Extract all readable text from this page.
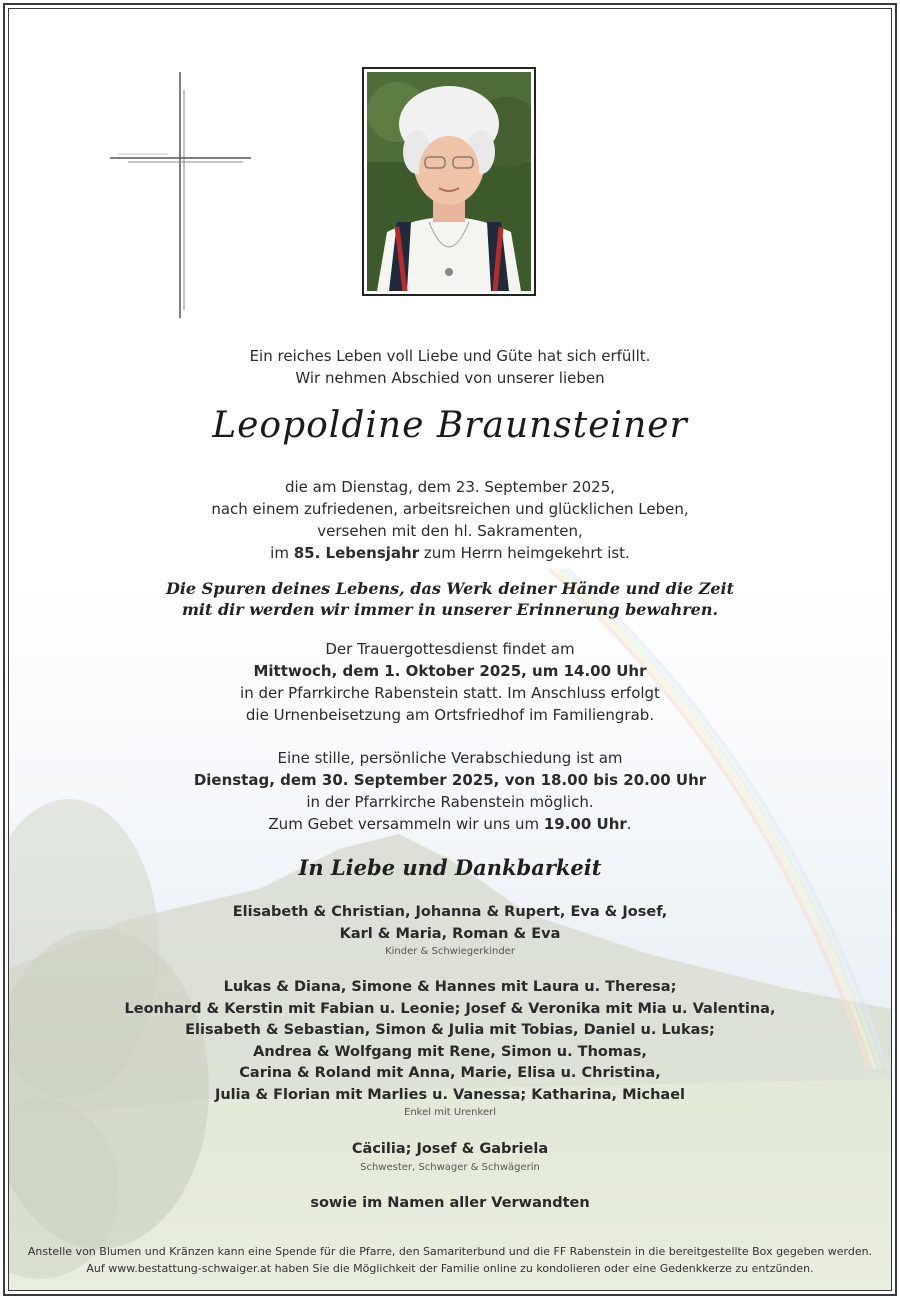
Ein reiches Leben voll Liebe und Güte hat sich erfüllt.
Wir nehmen Abschied von unserer lieben
Leopoldine Braunsteiner
die am Dienstag, dem 23. September 2025,
nach einem zufriedenen, arbeitsreichen und glücklichen Leben,
versehen mit den hl. Sakramenten,
im 85. Lebensjahr zum Herrn heimgekehrt ist.
Die Spuren deines Lebens, das Werk deiner Hände und die Zeit
mit dir werden wir immer in unserer Erinnerung bewahren.
Der Trauergottesdienst findet am
Mittwoch, dem 1. Oktober 2025, um 14.00 Uhr
in der Pfarrkirche Rabenstein statt. Im Anschluss erfolgt
die Urnenbeisetzung am Ortsfriedhof im Familiengrab.
Eine stille, persönliche Verabschiedung ist am
Dienstag, dem 30. September 2025, von 18.00 bis 20.00 Uhr
in der Pfarrkirche Rabenstein möglich.
Zum Gebet versammeln wir uns um 19.00 Uhr.
In Liebe und Dankbarkeit
Elisabeth & Christian, Johanna & Rupert, Eva & Josef,
Karl & Maria, Roman & Eva
Kinder & Schwiegerkinder
Lukas & Diana, Simone & Hannes mit Laura u. Theresa;
Leonhard & Kerstin mit Fabian u. Leonie; Josef & Veronika mit Mia u. Valentina,
Elisabeth & Sebastian, Simon & Julia mit Tobias, Daniel u. Lukas;
Andrea & Wolfgang mit Rene, Simon u. Thomas,
Carina & Roland mit Anna, Marie, Elisa u. Christina,
Julia & Florian mit Marlies u. Vanessa; Katharina, Michael
Enkel mit Urenkerl
Cäcilia; Josef & Gabriela
Schwester, Schwager & Schwägerin
sowie im Namen aller Verwandten
Anstelle von Blumen und Kränzen kann eine Spende für die Pfarre, den Samariterbund und die FF Rabenstein in die bereitgestellte Box gegeben werden.
Auf www.bestattung-schwaiger.at haben Sie die Möglichkeit der Familie online zu kondolieren oder eine Gedenkkerze zu entzünden.
